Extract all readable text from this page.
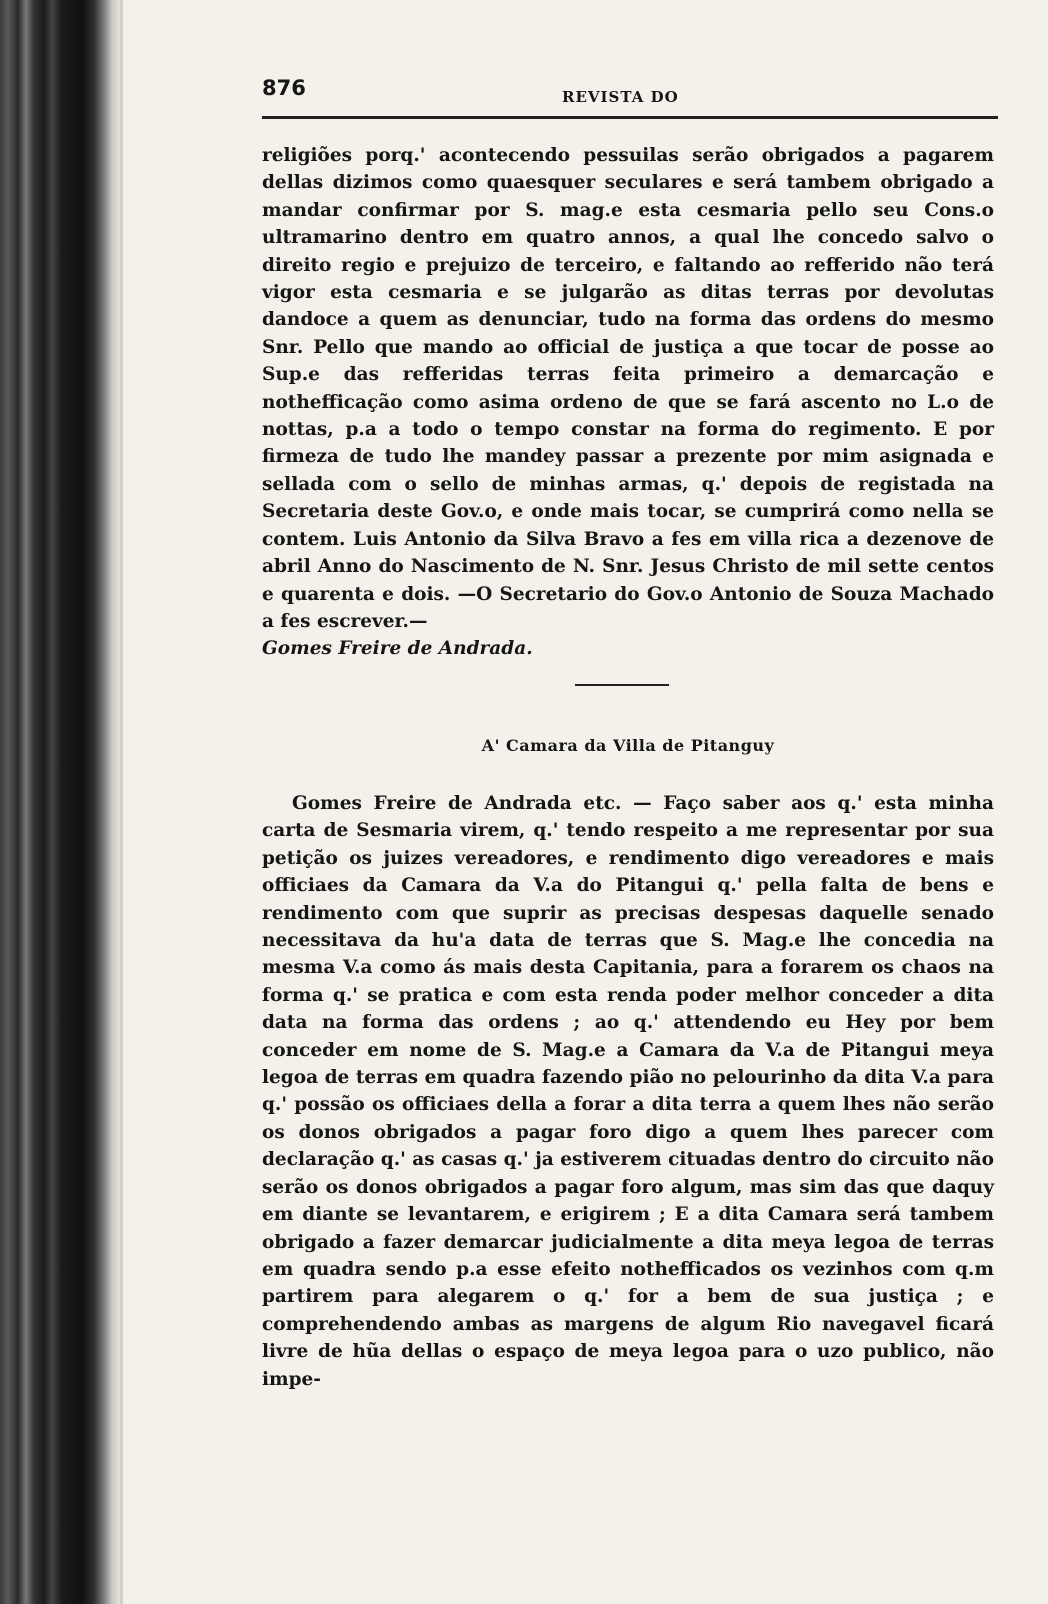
876	REVISTA DO

religiões porq.' acontecendo pessuilas serão obrigados a pagarem dellas dizimos como quaesquer seculares e será tambem obrigado a mandar confirmar por S. mag.e esta cesmaria pello seu Cons.o ultramarino dentro em quatro annos, a qual lhe concedo salvo o direito regio e prejuizo de terceiro, e faltando ao refferido não terá vigor esta cesmaria e se julgarão as ditas terras por devolutas dandoce a quem as denunciar, tudo na forma das ordens do mesmo Snr. Pello que mando ao official de justiça a que tocar de posse ao Sup.e das refferidas terras feita primeiro a demarcação e nothefficação como asima ordeno de que se fará ascento no L.o de nottas, p.a a todo o tempo constar na forma do regimento. E por firmeza de tudo lhe mandey passar a prezente por mim asignada e sellada com o sello de minhas armas, q.' depois de registada na Secretaria deste Gov.o, e onde mais tocar, se cumprirá como nella se contem. Luis Antonio da Silva Bravo a fes em villa rica a dezenove de abril Anno do Nascimento de N. Snr. Jesus Christo de mil sette centos e quarenta e dois. —O Secretario do Gov.o Antonio de Souza Machado a fes escrever.—

Gomes Freire de Andrada.

A' Camara da Villa de Pitanguy

Gomes Freire de Andrada etc. — Faço saber aos q.' esta minha carta de Sesmaria virem, q.' tendo respeito a me representar por sua petição os juizes vereadores, e rendimento digo vereadores e mais officiaes da Camara da V.a do Pitangui q.' pella falta de bens e rendimento com que suprir as precisas despesas daquelle senado necessitava da hu'a data de terras que S. Mag.e lhe concedia na mesma V.a como ás mais desta Capitania, para a forarem os chaos na forma q.' se pratica e com esta renda poder melhor conceder a dita data na forma das ordens ; ao q.' attendendo eu Hey por bem conceder em nome de S. Mag.e a Camara da V.a de Pitangui meya legoa de terras em quadra fazendo pião no pelourinho da dita V.a para q.' possão os officiaes della a forar a dita terra a quem lhes não serão os donos obrigados a pagar foro digo a quem lhes parecer com declaração q.' as casas q.' ja estiverem cituadas dentro do circuito não serão os donos obrigados a pagar foro algum, mas sim das que daquy em diante se levantarem, e erigirem ; E a dita Camara será tambem obrigado a fazer demarcar judicialmente a dita meya legoa de terras em quadra sendo p.a esse efeito nothefficados os vezinhos com q.m partirem para alegarem o q.' for a bem de sua justiça ; e comprehendendo ambas as margens de algum Rio navegavel ficará livre de hũa dellas o espaço de meya legoa para o uzo publico, não impe-
